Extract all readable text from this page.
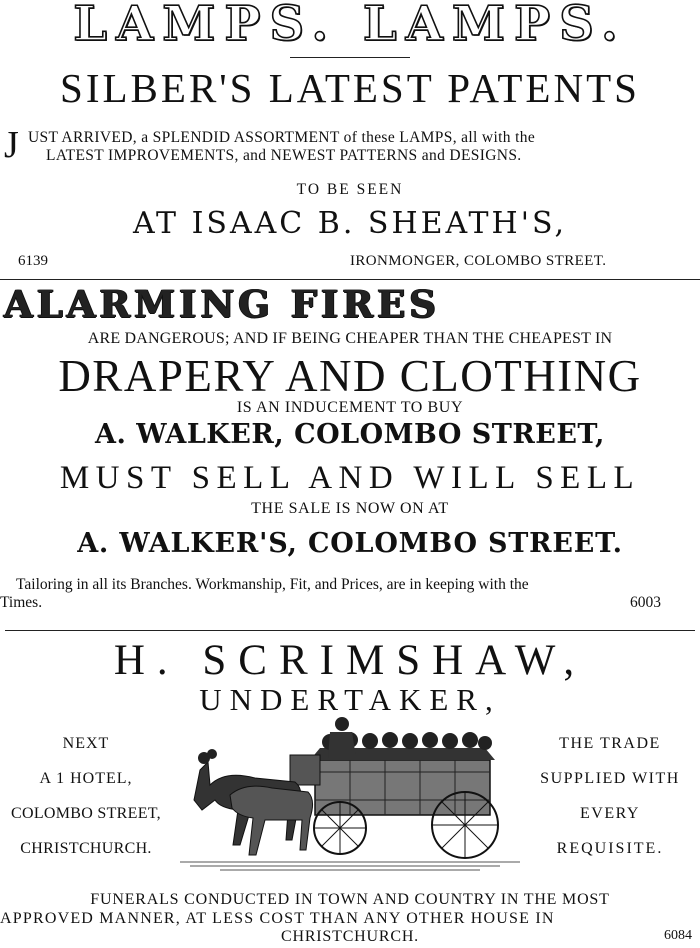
LAMPS. LAMPS.
SILBER'S LATEST PATENTS
J UST ARRIVED, a SPLENDID ASSORTMENT of these LAMPS, all with the
LATEST IMPROVEMENTS, and NEWEST PATTERNS and DESIGNS.
TO BE SEEN
AT ISAAC B. SHEATH'S,
6139	IRONMONGER, COLOMBO STREET.
ALARMING FIRES
ARE DANGEROUS; AND IF BEING CHEAPER THAN THE CHEAPEST IN
DRAPERY AND CLOTHING
IS AN INDUCEMENT TO BUY
A. WALKER, COLOMBO STREET,
MUST SELL AND WILL SELL
THE SALE IS NOW ON AT
A. WALKER'S, COLOMBO STREET.
Tailoring in all its Branches. Workmanship, Fit, and Prices, are in keeping with the
Times.	6003
H. SCRIMSHAW,
UNDERTAKER,
NEXT
A 1 HOTEL,
COLOMBO STREET,
CHRISTCHURCH.
THE TRADE
SUPPLIED WITH
EVERY
REQUISITE.
FUNERALS CONDUCTED IN TOWN AND COUNTRY IN THE MOST
APPROVED MANNER, AT LESS COST THAN ANY OTHER HOUSE IN
CHRISTCHURCH.	6084
